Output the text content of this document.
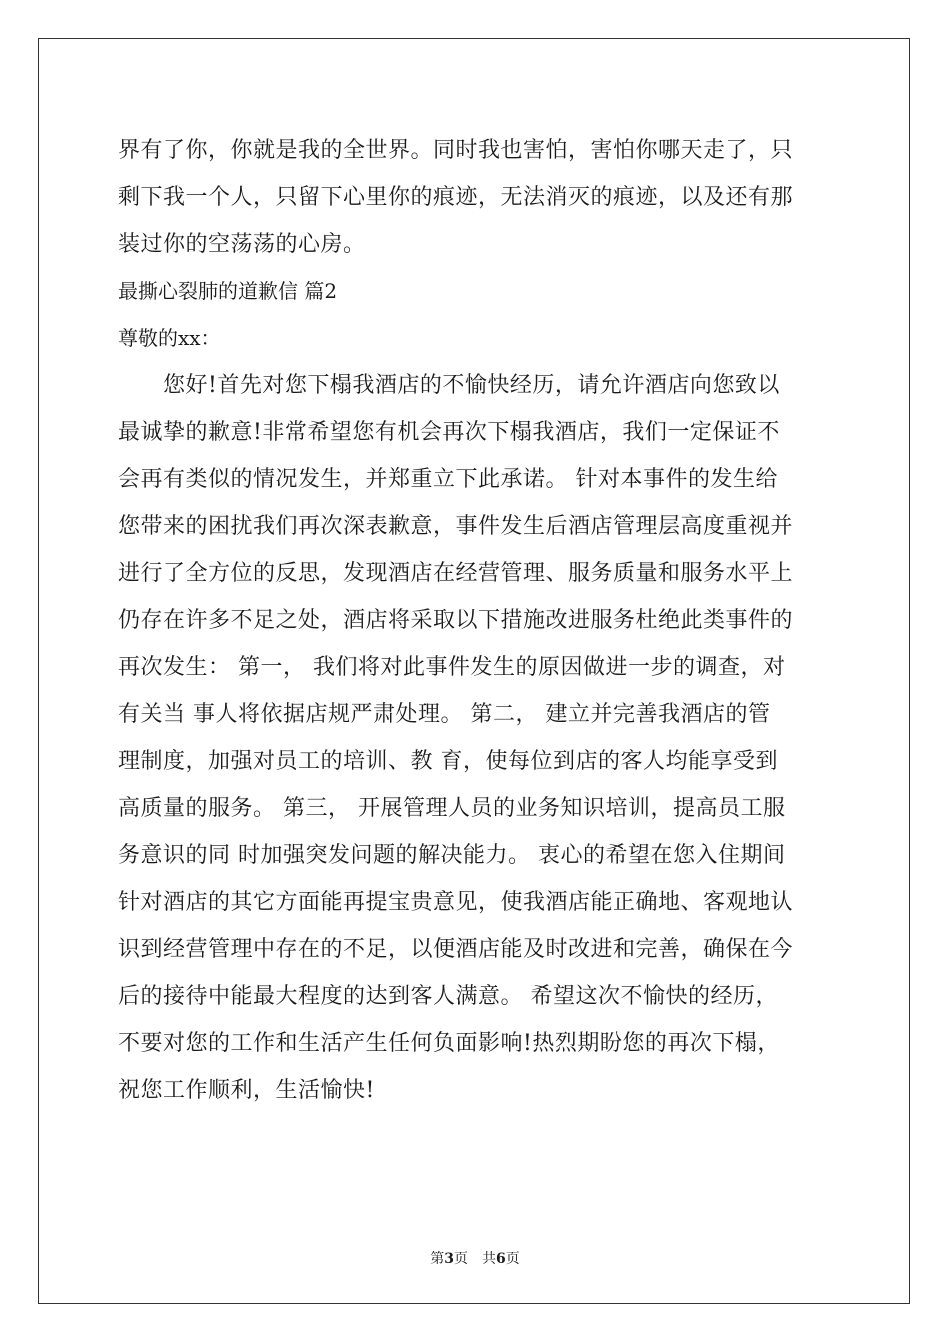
界有了你，你就是我的全世界。同时我也害怕，害怕你哪天走了，只
剩下我一个人，只留下心里你的痕迹，无法消灭的痕迹，以及还有那
装过你的空荡荡的心房。
最撕心裂肺的道歉信 篇2
尊敬的xx：
　　您好!首先对您下榻我酒店的不愉快经历，请允许酒店向您致以
最诚挚的歉意!非常希望您有机会再次下榻我酒店，我们一定保证不
会再有类似的情况发生，并郑重立下此承诺。 针对本事件的发生给
您带来的困扰我们再次深表歉意，事件发生后酒店管理层高度重视并
进行了全方位的反思，发现酒店在经营管理、服务质量和服务水平上
仍存在许多不足之处，酒店将采取以下措施改进服务杜绝此类事件的
再次发生： 第一， 我们将对此事件发生的原因做进一步的调查，对
有关当 事人将依据店规严肃处理。 第二， 建立并完善我酒店的管
理制度，加强对员工的培训、教 育，使每位到店的客人均能享受到
高质量的服务。 第三， 开展管理人员的业务知识培训，提高员工服
务意识的同 时加强突发问题的解决能力。 衷心的希望在您入住期间
针对酒店的其它方面能再提宝贵意见，使我酒店能正确地、客观地认
识到经营管理中存在的不足，以便酒店能及时改进和完善，确保在今
后的接待中能最大程度的达到客人满意。 希望这次不愉快的经历，
不要对您的工作和生活产生任何负面影响!热烈期盼您的再次下榻，
祝您工作顺利，生活愉快!
第3页　共6页
